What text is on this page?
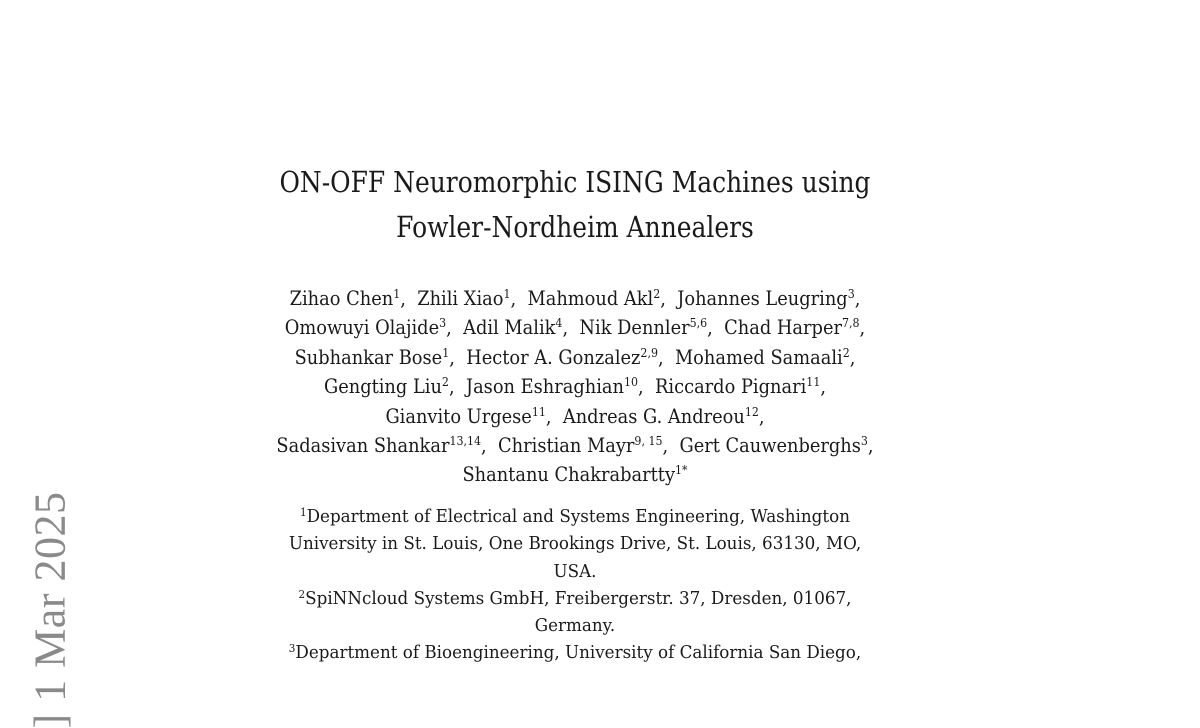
] 1 Mar 2025
ON-OFF Neuromorphic ISING Machines using
Fowler-Nordheim Annealers
Zihao Chen$^1$, Zhili Xiao$^1$, Mahmoud Akl$^2$, Johannes Leugring$^3$,
Omowuyi Olajide$^3$, Adil Malik$^4$, Nik Dennler$^{5,6}$, Chad Harper$^{7,8}$,
Subhankar Bose$^1$, Hector A. Gonzalez$^{2,9}$, Mohamed Samaali$^2$,
Gengting Liu$^2$, Jason Eshraghian$^{10}$, Riccardo Pignari$^{11}$,
Gianvito Urgese$^{11}$, Andreas G. Andreou$^{12}$,
Sadasivan Shankar$^{13,14}$, Christian Mayr$^{9, 15}$, Gert Cauwenberghs$^3$,
Shantanu Chakrabartty$^{1*}$
$^1$Department of Electrical and Systems Engineering, Washington
University in St. Louis, One Brookings Drive, St. Louis, 63130, MO,
USA.
$^2$SpiNNcloud Systems GmbH, Freibergerstr. 37, Dresden, 01067,
Germany.
$^3$Department of Bioengineering, University of California San Diego,
